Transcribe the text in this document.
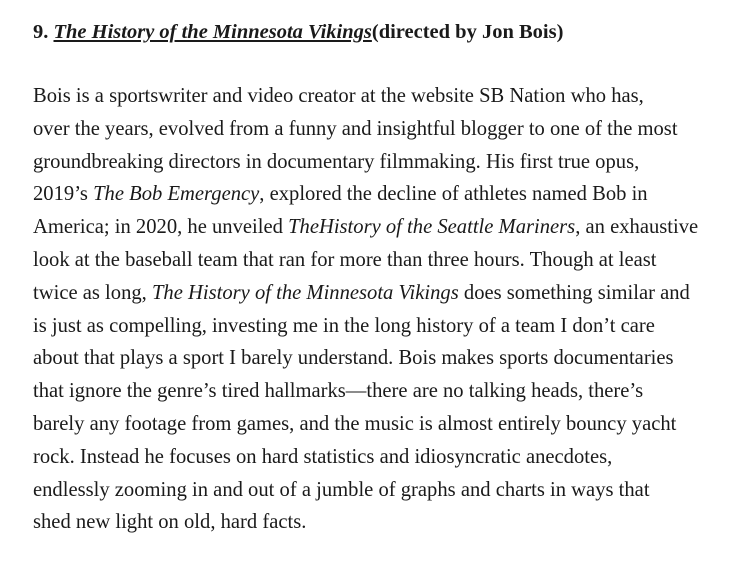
9. The History of the Minnesota Vikings(directed by Jon Bois)

Bois is a sportswriter and video creator at the website SB Nation who has,
over the years, evolved from a funny and insightful blogger to one of the most
groundbreaking directors in documentary filmmaking. His first true opus,
2019’s The Bob Emergency, explored the decline of athletes named Bob in
America; in 2020, he unveiled TheHistory of the Seattle Mariners, an exhaustive
look at the baseball team that ran for more than three hours. Though at least
twice as long, The History of the Minnesota Vikings does something similar and
is just as compelling, investing me in the long history of a team I don’t care
about that plays a sport I barely understand. Bois makes sports documentaries
that ignore the genre’s tired hallmarks—there are no talking heads, there’s
barely any footage from games, and the music is almost entirely bouncy yacht
rock. Instead he focuses on hard statistics and idiosyncratic anecdotes,
endlessly zooming in and out of a jumble of graphs and charts in ways that
shed new light on old, hard facts.
